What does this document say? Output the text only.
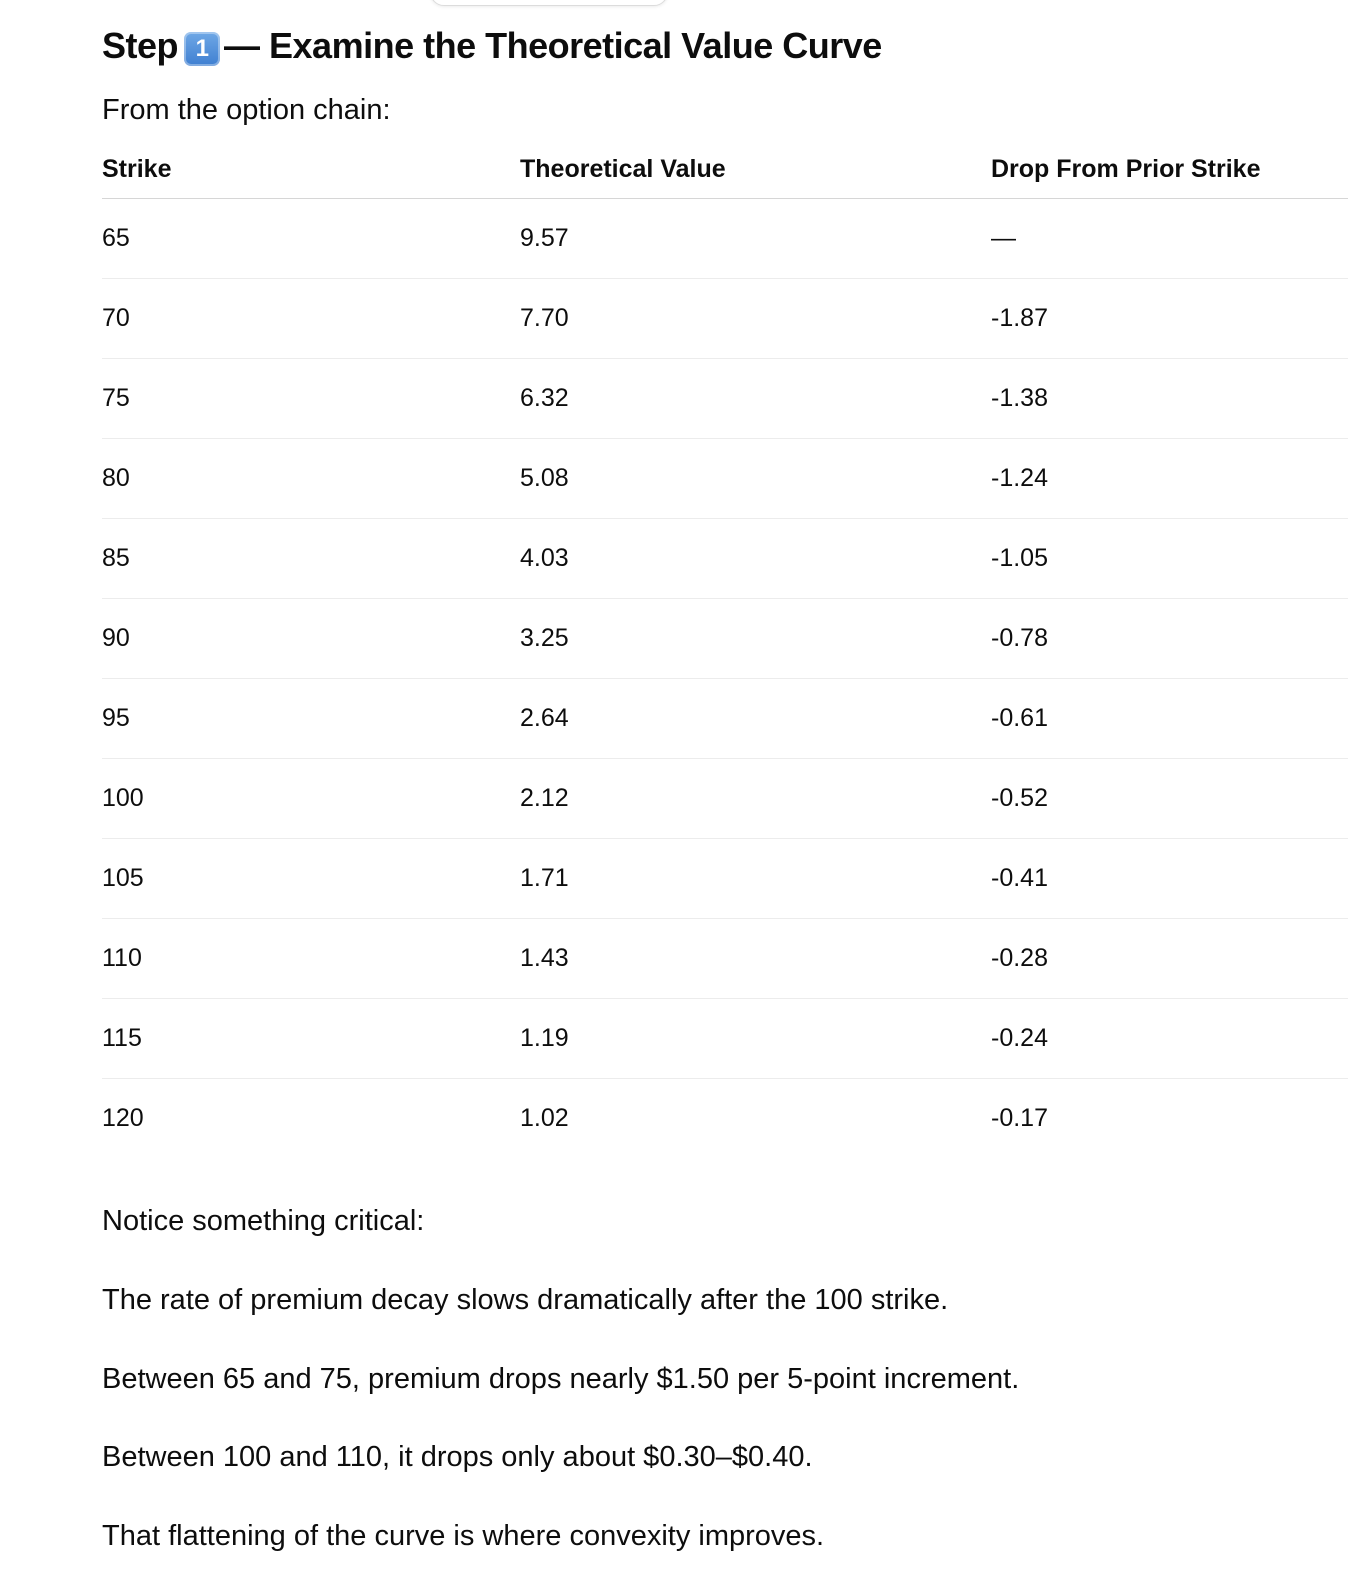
Step 1 — Examine the Theoretical Value Curve

From the option chain:

Strike	Theoretical Value	Drop From Prior Strike
65	9.57	—
70	7.70	-1.87
75	6.32	-1.38
80	5.08	-1.24
85	4.03	-1.05
90	3.25	-0.78
95	2.64	-0.61
100	2.12	-0.52
105	1.71	-0.41
110	1.43	-0.28
115	1.19	-0.24
120	1.02	-0.17

Notice something critical:

The rate of premium decay slows dramatically after the 100 strike.

Between 65 and 75, premium drops nearly $1.50 per 5-point increment.

Between 100 and 110, it drops only about $0.30–$0.40.

That flattening of the curve is where convexity improves.
